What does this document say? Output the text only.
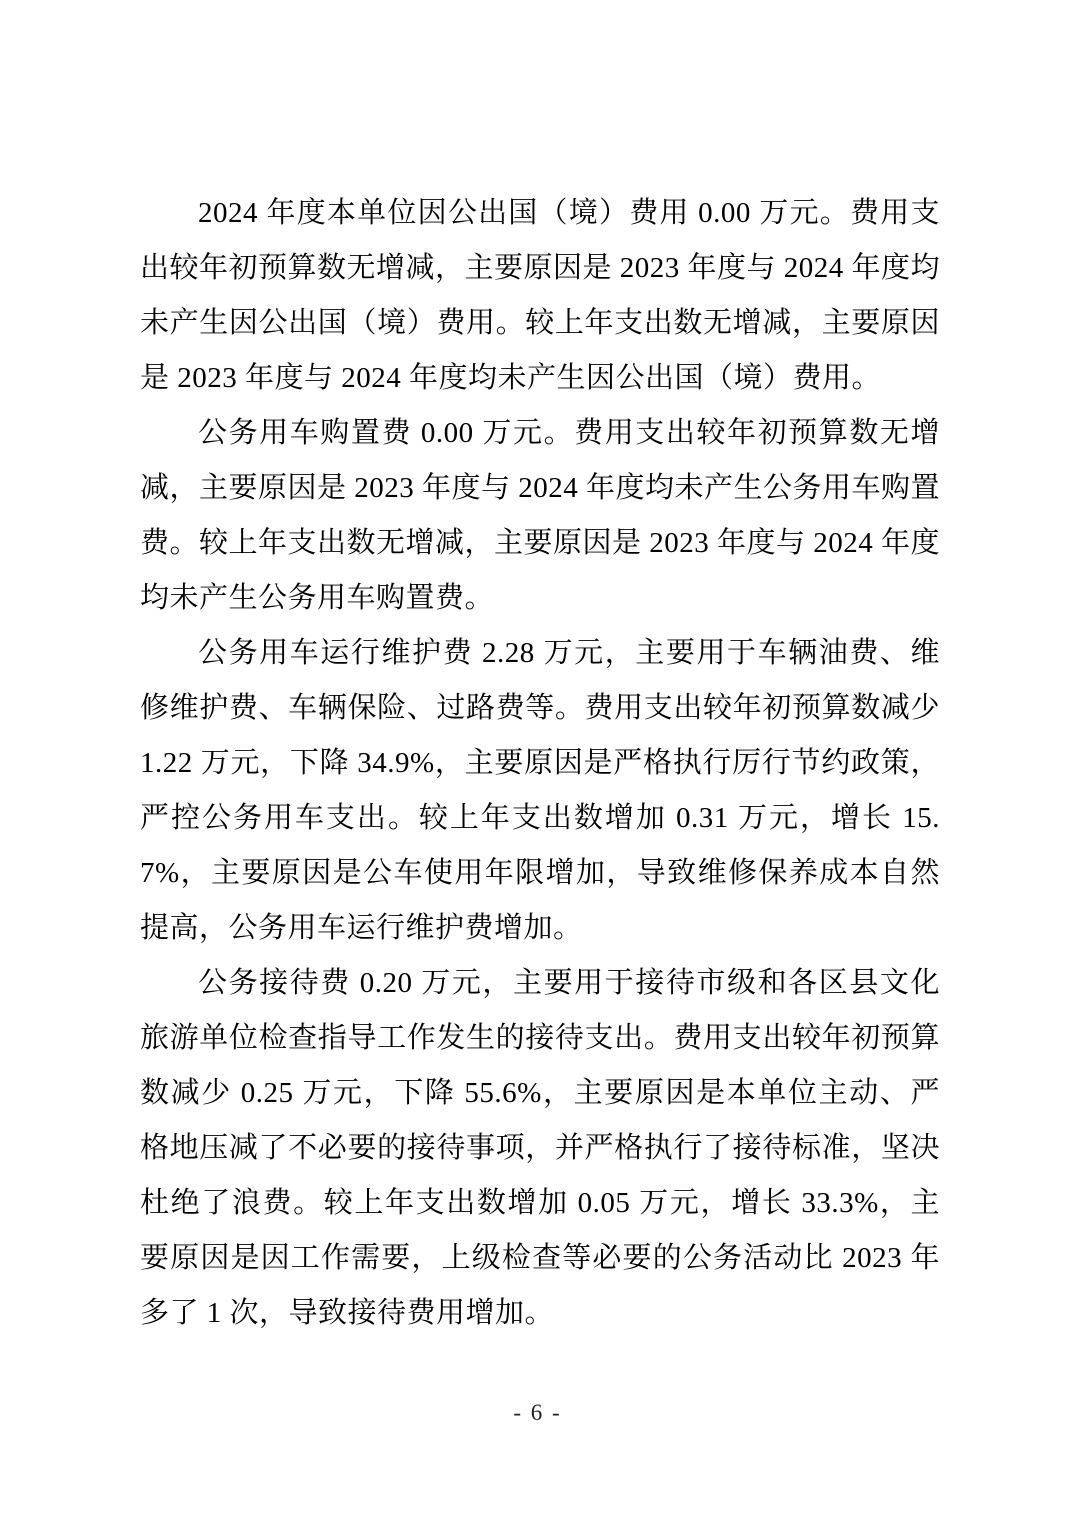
2024 年度本单位因公出国（境）费用 0.00 万元。费用支出较年初预算数无增减，主要原因是 2023 年度与 2024 年度均未产生因公出国（境）费用。较上年支出数无增减，主要原因是 2023 年度与 2024 年度均未产生因公出国（境）费用。

公务用车购置费 0.00 万元。费用支出较年初预算数无增减，主要原因是 2023 年度与 2024 年度均未产生公务用车购置费。较上年支出数无增减，主要原因是 2023 年度与 2024 年度均未产生公务用车购置费。

公务用车运行维护费 2.28 万元，主要用于车辆油费、维修维护费、车辆保险、过路费等。费用支出较年初预算数减少 1.22 万元，下降 34.9%，主要原因是严格执行厉行节约政策，严控公务用车支出。较上年支出数增加 0.31 万元，增长 15.7%，主要原因是公车使用年限增加，导致维修保养成本自然提高，公务用车运行维护费增加。

公务接待费 0.20 万元，主要用于接待市级和各区县文化旅游单位检查指导工作发生的接待支出。费用支出较年初预算数减少 0.25 万元，下降 55.6%，主要原因是本单位主动、严格地压减了不必要的接待事项，并严格执行了接待标准，坚决杜绝了浪费。较上年支出数增加 0.05 万元，增长 33.3%，主要原因是因工作需要，上级检查等必要的公务活动比 2023 年多了 1 次，导致接待费用增加。

- 6 -
